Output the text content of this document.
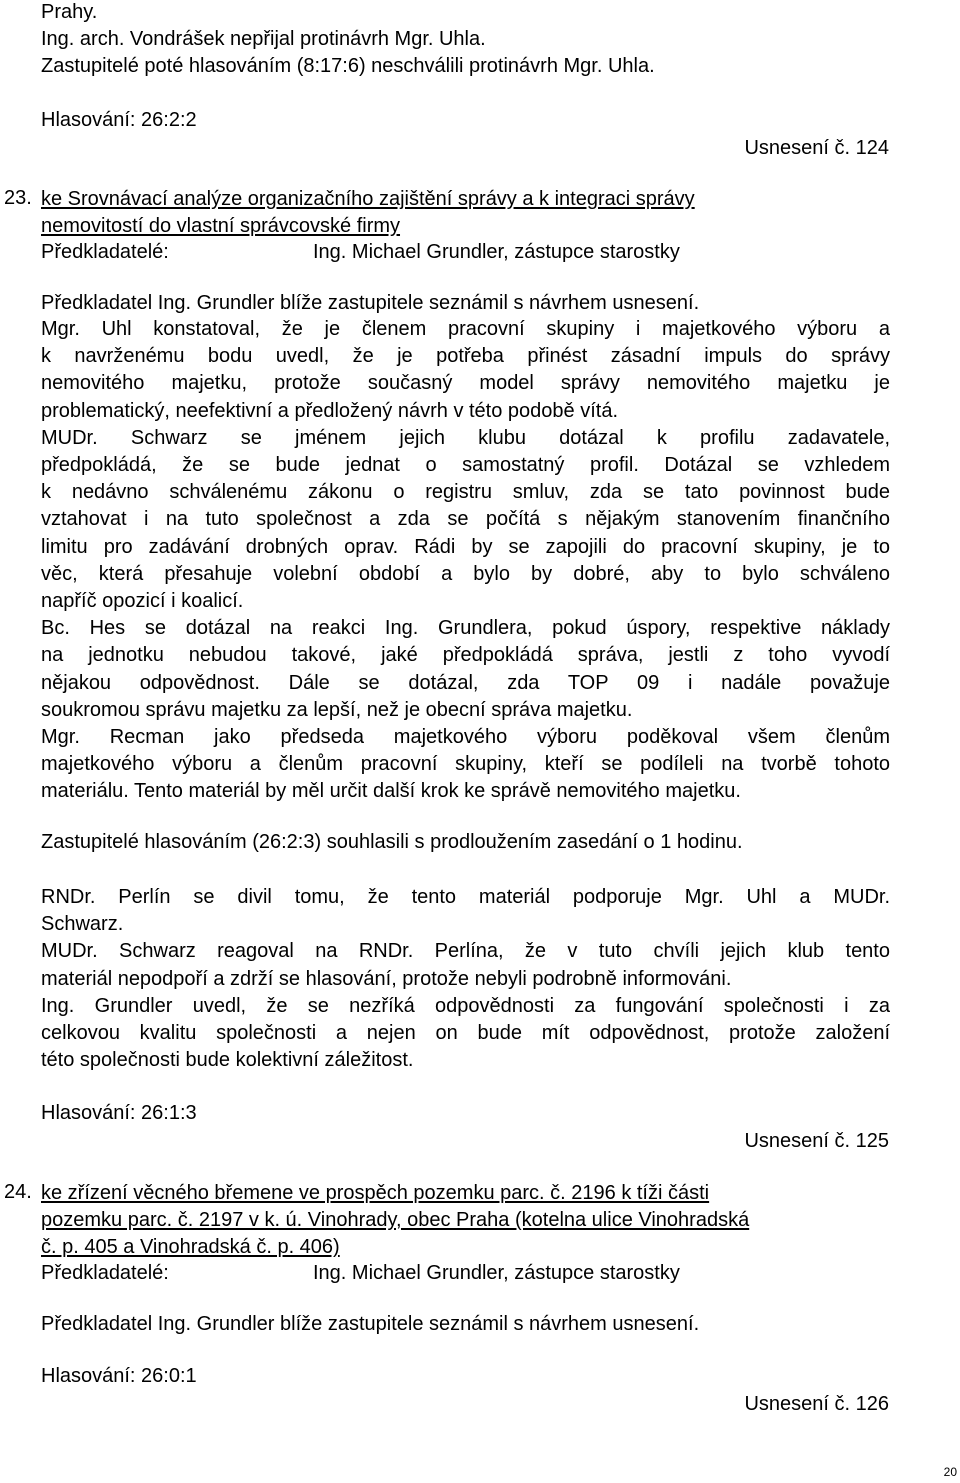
Prahy.
Ing. arch. Vondrášek nepřijal protinávrh Mgr. Uhla.
Zastupitelé poté hlasováním (8:17:6) neschválili protinávrh Mgr. Uhla.
Hlasování: 26:2:2
Usnesení č. 124
23. ke Srovnávací analýze organizačního zajištění správy a k integraci správy
nemovitostí do vlastní správcovské firmy
Předkladatelé:	Ing. Michael Grundler, zástupce starostky
Předkladatel Ing. Grundler blíže zastupitele seznámil s návrhem usnesení.
Mgr. Uhl konstatoval, že je členem pracovní skupiny i majetkového výboru a
k navrženému bodu uvedl, že je potřeba přinést zásadní impuls do správy
nemovitého majetku, protože současný model správy nemovitého majetku je
problematický, neefektivní a předložený návrh v této podobě vítá.
MUDr. Schwarz se jménem jejich klubu dotázal k profilu zadavatele,
předpokládá, že se bude jednat o samostatný profil. Dotázal se vzhledem
k nedávno schválenému zákonu o registru smluv, zda se tato povinnost bude
vztahovat i na tuto společnost a zda se počítá s nějakým stanovením finančního
limitu pro zadávání drobných oprav. Rádi by se zapojili do pracovní skupiny, je to
věc, která přesahuje volební období a bylo by dobré, aby to bylo schváleno
napříč opozicí i koalicí.
Bc. Hes se dotázal na reakci Ing. Grundlera, pokud úspory, respektive náklady
na jednotku nebudou takové, jaké předpokládá správa, jestli z toho vyvodí
nějakou odpovědnost. Dále se dotázal, zda TOP 09 i nadále považuje
soukromou správu majetku za lepší, než je obecní správa majetku.
Mgr. Recman jako předseda majetkového výboru poděkoval všem členům
majetkového výboru a členům pracovní skupiny, kteří se podíleli na tvorbě tohoto
materiálu. Tento materiál by měl určit další krok ke správě nemovitého majetku.
Zastupitelé hlasováním (26:2:3) souhlasili s prodloužením zasedání o 1 hodinu.
RNDr. Perlín se divil tomu, že tento materiál podporuje Mgr. Uhl a MUDr.
Schwarz.
MUDr. Schwarz reagoval na RNDr. Perlína, že v tuto chvíli jejich klub tento
materiál nepodpoří a zdrží se hlasování, protože nebyli podrobně informováni.
Ing. Grundler uvedl, že se nezříká odpovědnosti za fungování společnosti i za
celkovou kvalitu společnosti a nejen on bude mít odpovědnost, protože založení
této společnosti bude kolektivní záležitost.
Hlasování: 26:1:3
Usnesení č. 125
24. ke zřízení věcného břemene ve prospěch pozemku parc. č. 2196 k tíži části
pozemku parc. č. 2197 v k. ú. Vinohrady, obec Praha (kotelna ulice Vinohradská
č. p. 405 a Vinohradská č. p. 406)
Předkladatelé:	Ing. Michael Grundler, zástupce starostky
Předkladatel Ing. Grundler blíže zastupitele seznámil s návrhem usnesení.
Hlasování: 26:0:1
Usnesení č. 126
20
